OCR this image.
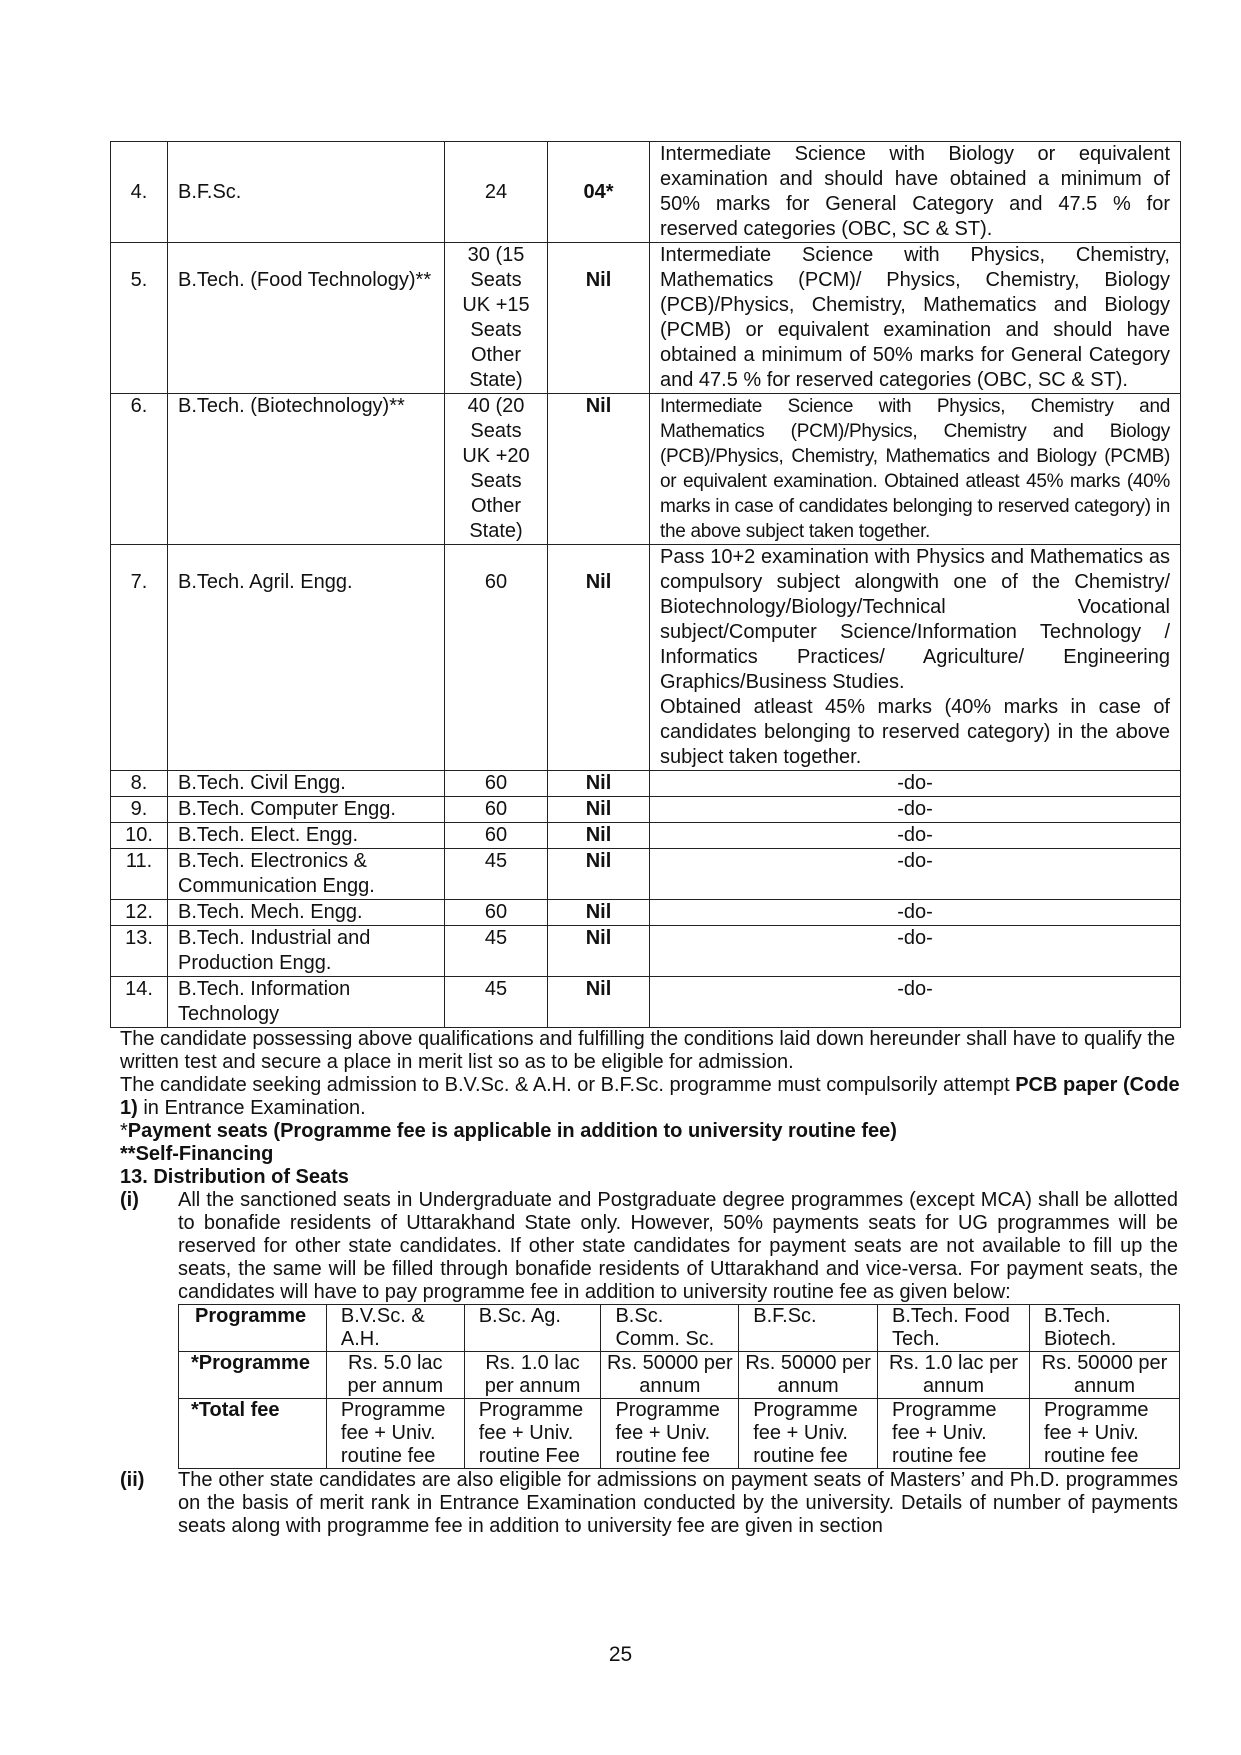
4.	B.F.Sc.	24	04*	Intermediate Science with Biology or equivalent examination and should have obtained a minimum of 50% marks for General Category and 47.5 % for reserved categories (OBC, SC & ST).
5.	B.Tech. (Food Technology)**	30 (15 Seats UK +15 Seats Other State)	Nil	Intermediate Science with Physics, Chemistry, Mathematics (PCM)/ Physics, Chemistry, Biology (PCB)/Physics, Chemistry, Mathematics and Biology (PCMB) or equivalent examination and should have obtained a minimum of 50% marks for General Category and 47.5 % for reserved categories (OBC, SC & ST).
6.	B.Tech. (Biotechnology)**	40 (20 Seats UK +20 Seats Other State)	Nil	Intermediate Science with Physics, Chemistry and Mathematics (PCM)/Physics, Chemistry and Biology (PCB)/Physics, Chemistry, Mathematics and Biology (PCMB) or equivalent examination. Obtained atleast 45% marks (40% marks in case of candidates belonging to reserved category) in the above subject taken together.
7.	B.Tech. Agril. Engg.	60	Nil	Pass 10+2 examination with Physics and Mathematics as compulsory subject alongwith one of the Chemistry/ Biotechnology/Biology/Technical Vocational subject/Computer Science/Information Technology / Informatics Practices/ Agriculture/ Engineering Graphics/Business Studies.
Obtained atleast 45% marks (40% marks in case of candidates belonging to reserved category) in the above subject taken together.

8.	B.Tech. Civil Engg.	60	Nil	-do-
9.	B.Tech. Computer Engg.	60	Nil	-do-
10.	B.Tech. Elect. Engg.	60	Nil	-do-
11.	B.Tech. Electronics & Communication Engg.	45	Nil	-do-
12.	B.Tech. Mech. Engg.	60	Nil	-do-
13.	B.Tech. Industrial and Production Engg.	45	Nil	-do-
14.	B.Tech. Information Technology	45	Nil	-do-

The candidate possessing above qualifications and fulfilling the conditions laid down hereunder shall have to qualify the written test and secure a place in merit list so as to be eligible for admission.

The candidate seeking admission to B.V.Sc. & A.H. or B.F.Sc. programme must compulsorily attempt PCB paper (Code 1) in Entrance Examination.

*Payment seats (Programme fee is applicable in addition to university routine fee)

**Self-Financing

13. Distribution of Seats

(i)	All the sanctioned seats in Undergraduate and Postgraduate degree programmes (except MCA) shall be allotted to bonafide residents of Uttarakhand State only. However, 50% payments seats for UG programmes will be reserved for other state candidates. If other state candidates for payment seats are not available to fill up the seats, the same will be filled through bonafide residents of Uttarakhand and vice-versa. For payment seats, the candidates will have to pay programme fee in addition to university routine fee as given below:
Programme	B.V.Sc. & A.H.	B.Sc. Ag.	B.Sc. Comm. Sc.	B.F.Sc.	B.Tech. Food Tech.	B.Tech. Biotech.
*Programme	Rs. 5.0 lac per annum	Rs. 1.0 lac per annum	Rs. 50000 per annum	Rs. 50000 per annum	Rs. 1.0 lac per annum	Rs. 50000 per annum
*Total fee	Programme fee + Univ. routine fee	Programme fee + Univ. routine Fee	Programme fee + Univ. routine fee	Programme fee + Univ. routine fee	Programme fee + Univ. routine fee	Programme fee + Univ. routine fee
(ii)	The other state candidates are also eligible for admissions on payment seats of Masters’ and Ph.D. programmes on the basis of merit rank in Entrance Examination conducted by the university. Details of number of payments seats along with programme fee in addition to university fee are given in section
25
